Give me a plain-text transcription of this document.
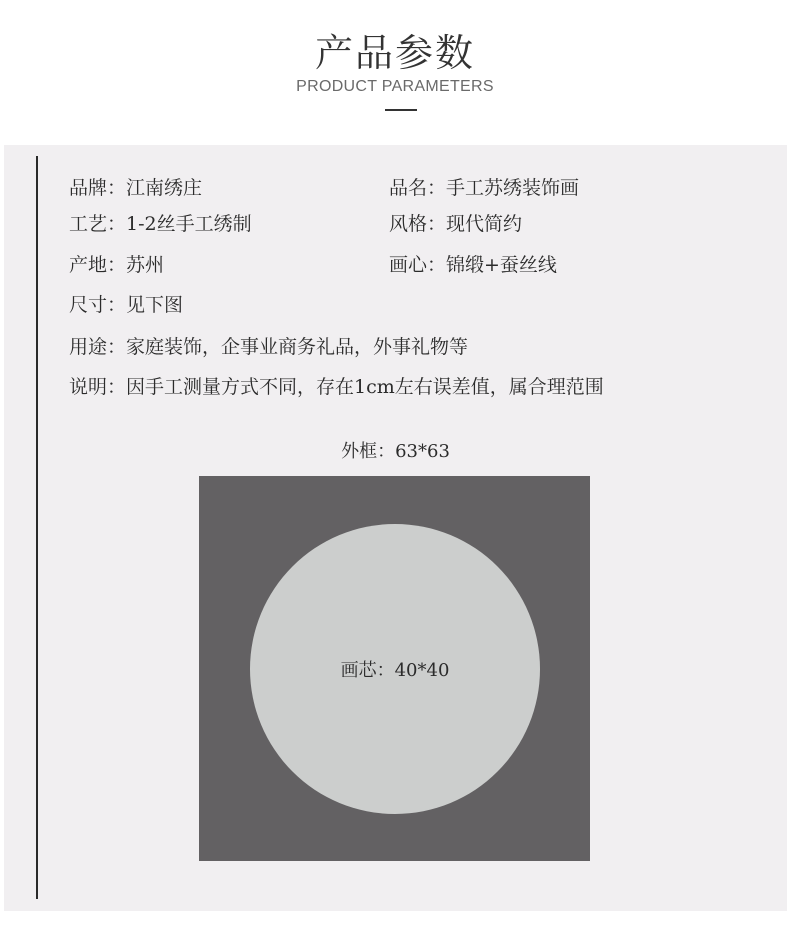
产品参数
PRODUCT PARAMETERS
品牌：江南绣庄	品名：手工苏绣装饰画
工艺：1-2丝手工绣制	风格：现代简约
产地：苏州	画心：锦缎+蚕丝线
尺寸：见下图
用途：家庭装饰，企事业商务礼品，外事礼物等
说明：因手工测量方式不同，存在1cm左右误差值，属合理范围
外框：63*63
画芯：40*40
